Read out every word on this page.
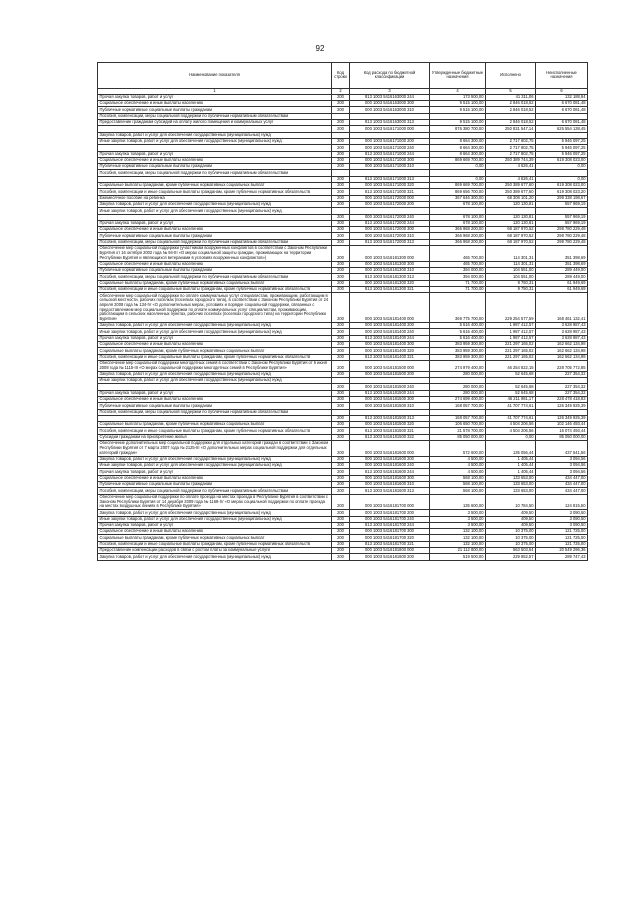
92
Наименование показателя	Код строки	Код расхода по бюджетной классификации	Утвержденные бюджетные назначения	Исполнено	Неисполненные назначения
1	2	3	4	5	6
Прочая закупка товаров, работ и услуг	200	813 1003 5416163000 244	173 500,00	41 311,06	132 188,94
Социальное обеспечение и иные выплаты населению	200	000 1003 5416163000 300	9 515 100,00	2 846 018,52	6 670 081,48
Публичные нормативные социальные выплаты гражданам	200	000 1003 5416163000 310	9 515 100,00	2 846 018,52	6 670 081,48
Пособия, компенсации, меры социальной поддержки по публичным нормативным обязательствам					
Предоставление гражданам субсидий на оплату жилого помещения и коммунальных услуг	200	813 1003 5416163000 313	9 515 100,00	2 846 018,52	6 670 081,48
	200	000 1003 5416171000 000	876 380 700,00	250 831 547,14	625 554 138,45
Закупка товаров, работ и услуг для обеспечения государственных (муниципальных) нужд					
Иные закупки товаров, работ и услуг для обеспечения государственных (муниципальных) нужд	200	000 1003 5416171000 200	8 664 300,00	2 717 802,75	5 946 097,25
	200	000 1003 5416171000 240	8 664 300,00	2 717 802,75	5 946 097,25
Прочая закупка товаров, работ и услуг	200	813 1003 5416171000 244	8 664 300,00	2 717 802,75	5 946 097,25
Социальное обеспечение и иные выплаты населению	200	000 1003 5416171000 300	869 669 700,00	250 389 744,39	619 308 023,00
Публичные нормативные социальные выплаты гражданам	200	000 1003 5416171000 310	0,00	4 626,41	0,00
Пособия, компенсации, меры социальной поддержки по публичным нормативным обязательствам					
	200	813 1003 5416171000 313	0,00	4 626,41	0,00
Социальные выплаты гражданам, кроме публичных нормативных социальных выплат	200	000 1003 5416171000 320	869 669 700,00	250 389 677,60	619 308 023,00
Пособия, компенсации и иные социальные выплаты гражданам, кроме публичных нормативных обязательств	200	813 1003 5416171000 321	869 656 700,00	250 389 677,60	619 308 023,20
Ежемесячное пособие на ребенка	200	000 1003 5416172000 000	367 646 300,00	68 308 101,20	299 338 198,67
Закупка товаров, работ и услуг для обеспечения государственных (муниципальных) нужд	200	000 1003 5416172000 200	678 100,00	120 130,81	557 969,19
Иные закупки товаров, работ и услуг для обеспечения государственных (муниципальных) нужд					
	200	000 1003 5416172000 240	678 100,00	120 130,81	557 969,19
Прочая закупка товаров, работ и услуг	200	813 1003 5416172000 244	678 100,00	120 130,81	557 969,19
Социальное обеспечение и иные выплаты населению	200	000 1003 5416172000 300	366 968 200,00	68 187 970,52	298 780 229,48
Публичные нормативные социальные выплаты гражданам	200	000 1003 5416172000 310	366 968 200,00	68 187 970,52	298 780 229,48
Пособия, компенсации, меры социальной поддержки по публичным нормативным обязательствам	200	813 1003 5416172000 313	366 968 200,00	68 187 970,52	298 780 229,48
Обеспечение мер социальной поддержки (участникам вооруженных конфликтов в соответствии с Законом Республики Бурятия от 16 октября 2002 года № 94-III «О мерах социальной защиты граждан, проживающих на территории Республики Бурятия и являющихся ветеранами в условиях вооруженных конфликтов»)	200	000 1003 5416181300 000	465 700,00	114 301,31	351 398,69
Социальное обеспечение и иные выплаты населению	200	000 1003 5416181300 300	465 700,00	114 301,31	351 398,69
Публичные нормативные социальные выплаты гражданам	200	000 1003 5416181300 310	394 000,00	104 551,00	289 449,00
Пособия, компенсации, меры социальной поддержки по публичным нормативным обязательствам	200	813 1003 5416181300 313	394 000,00	104 551,00	289 449,00
Социальные выплаты гражданам, кроме публичных нормативных социальных выплат	200	000 1003 5416181300 320	71 700,00	9 750,31	61 949,69
Пособия, компенсации и иные социальные выплаты гражданам, кроме публичных нормативных обязательств	200	813 1003 5416181300 321	71 700,00	9 750,31	61 949,69
Обеспечение мер социальной поддержки по оплате коммунальных услуг специалистам, проживающим, работающим в сельской местности, рабочих поселках (поселках городского типа), в соответствии с Законом Республики Бурятия от 24 апреля 2008 года № 134-IV «О дополнительных мерах, условиях и порядке социальной поддержки, связанных с предоставлением мер социальной поддержки по оплате коммунальных услуг специалистам, проживающим, работающим в сельских населенных пунктах, рабочих поселках (поселках городского типа) на территории Республики Бурятия»	200	000 1003 5416181400 000	369 775 700,00	229 254 577,59	168 461 132,41
Закупка товаров, работ и услуг для обеспечения государственных (муниципальных) нужд	200	000 1003 5416181400 200	5 616 400,00	1 987 412,57	3 628 987,43
Иные закупки товаров, работ и услуг для обеспечения государственных (муниципальных) нужд	200	000 1003 5416181400 240	5 616 400,00	1 987 412,57	3 628 987,43
Прочая закупка товаров, работ и услуг	200	813 1003 5416181400 244	5 616 400,00	1 987 412,57	3 628 987,43
Социальное обеспечение и иные выплаты населению	200	000 1003 5416181400 300	383 959 300,00	221 297 165,02	162 662 134,98
Социальные выплаты гражданам, кроме публичных нормативных социальных выплат	200	000 1003 5416181400 320	383 959 300,00	221 297 165,02	162 662 134,98
Пособия, компенсации и иные социальные выплаты гражданам, кроме публичных нормативных обязательств	200	813 1003 5416181400 321	383 959 300,00	221 297 165,02	162 662 134,98
Обеспечение мер социальной поддержки многодетных семей в соответствии с Законом Республики Бурятия от 6 июня 2008 года № 1115-III «О мерах социальной поддержки многодетных семей в Республике Бурятия»	200	000 1003 5416181500 000	274 979 400,00	46 254 822,15	228 705 772,85
Закупка товаров, работ и услуг для обеспечения государственных (муниципальных) нужд	200	000 1003 5416181500 200	280 000,00	52 645,68	227 354,32
Иные закупки товаров, работ и услуг для обеспечения государственных (муниципальных) нужд					
	200	000 1003 5416181500 240	280 000,00	52 645,68	227 354,32
Прочая закупка товаров, работ и услуг	200	813 1003 5416181500 244	280 000,00	52 645,68	227 354,32
Социальное обеспечение и иные выплаты населению	200	000 1003 5416181500 300	274 699 400,00	46 211 981,17	228 478 418,83
Публичные нормативные социальные выплаты гражданам	200	000 1003 5416181500 310	168 057 700,00	41 707 774,61	126 349 925,39
Пособия, компенсации, меры социальной поддержки по публичным нормативным обязательствам					
	200	813 1003 5416181500 313	168 057 700,00	41 707 774,61	126 349 925,39
Социальные выплаты гражданам, кроме публичных нормативных социальных выплат	200	000 1003 5416181500 320	106 650 700,00	4 504 206,56	102 146 493,44
Пособия, компенсации и иные социальные выплаты гражданам, кроме публичных нормативных обязательств	200	813 1003 5416181500 321	21 578 700,00	4 504 206,56	16 074 493,44
Субсидии гражданам на приобретение жилья	200	813 1003 5416181500 322	85 050 000,00	0,00	85 050 000,00
Обеспечение дополнительных мер социальной поддержки для отдельных категорий граждан в соответствии с Законом Республики Бурятия от 7 марта 2007 года № 2125-III «О дополнительных мерах социальной поддержки для отдельных категорий граждан»	200	000 1003 5416181600 000	572 600,00	135 056,44	437 541,56
Закупка товаров, работ и услуг для обеспечения государственных (муниципальных) нужд	200	000 1003 5416181600 200	4 500,00	1 405,44	3 094,56
Иные закупки товаров, работ и услуг для обеспечения государственных (муниципальных) нужд	200	000 1003 5416181600 240	4 500,00	1 405,44	3 094,56
Прочая закупка товаров, работ и услуг	200	813 1003 5416181600 244	4 500,00	1 405,44	3 094,56
Социальное обеспечение и иные выплаты населению	200	000 1003 5416181600 300	568 100,00	133 653,00	434 447,00
Публичные нормативные социальные выплаты гражданам	200	000 1003 5416181600 310	568 100,00	133 653,00	434 447,00
Пособия, компенсации, меры социальной поддержки по публичным нормативным обязательствам	200	813 1003 5416181600 313	568 100,00	133 653,00	434 447,00
Обеспечение мер социальной поддержки по оплате проезда на местах проезда в Республике Бурятия в соответствии с Законом Республики Бурятия от 14 декабря 2009 года № 1168-IV «О мерах социальной поддержки по оплате проезда на местах воздушных линиях в Республике Бурятия»	200	000 1003 5416181700 000	135 600,00	10 784,50	124 815,50
Закупка товаров, работ и услуг для обеспечения государственных (муниципальных) нужд	200	000 1003 5416181700 200	3 500,00	409,50	3 090,50
Иные закупки товаров, работ и услуг для обеспечения государственных (муниципальных) нужд	200	000 1003 5416181700 240	3 500,00	409,50	3 090,50
Прочая закупка товаров, работ и услуг	200	813 1003 5416181700 244	3 500,00	409,50	3 090,50
Социальное обеспечение и иные выплаты населению	200	000 1003 5416181700 300	132 100,00	10 375,00	121 725,00
Социальные выплаты гражданам, кроме публичных нормативных социальных выплат	200	000 1003 5416181700 320	132 100,00	10 375,00	121 725,00
Пособия, компенсации и иные социальные выплаты гражданам, кроме публичных нормативных обязательств	200	813 1003 5416181700 321	132 100,00	10 375,00	121 725,00
Предоставление компенсации расходов в связи с ростом платы за коммунальные услуги	200	000 1003 5416181800 000	21 112 800,00	563 503,64	20 549 296,36
Закупка товаров, работ и услуг для обеспечения государственных (муниципальных) нужд	200	000 1003 5416181800 200	519 500,00	229 852,57	289 747,43
